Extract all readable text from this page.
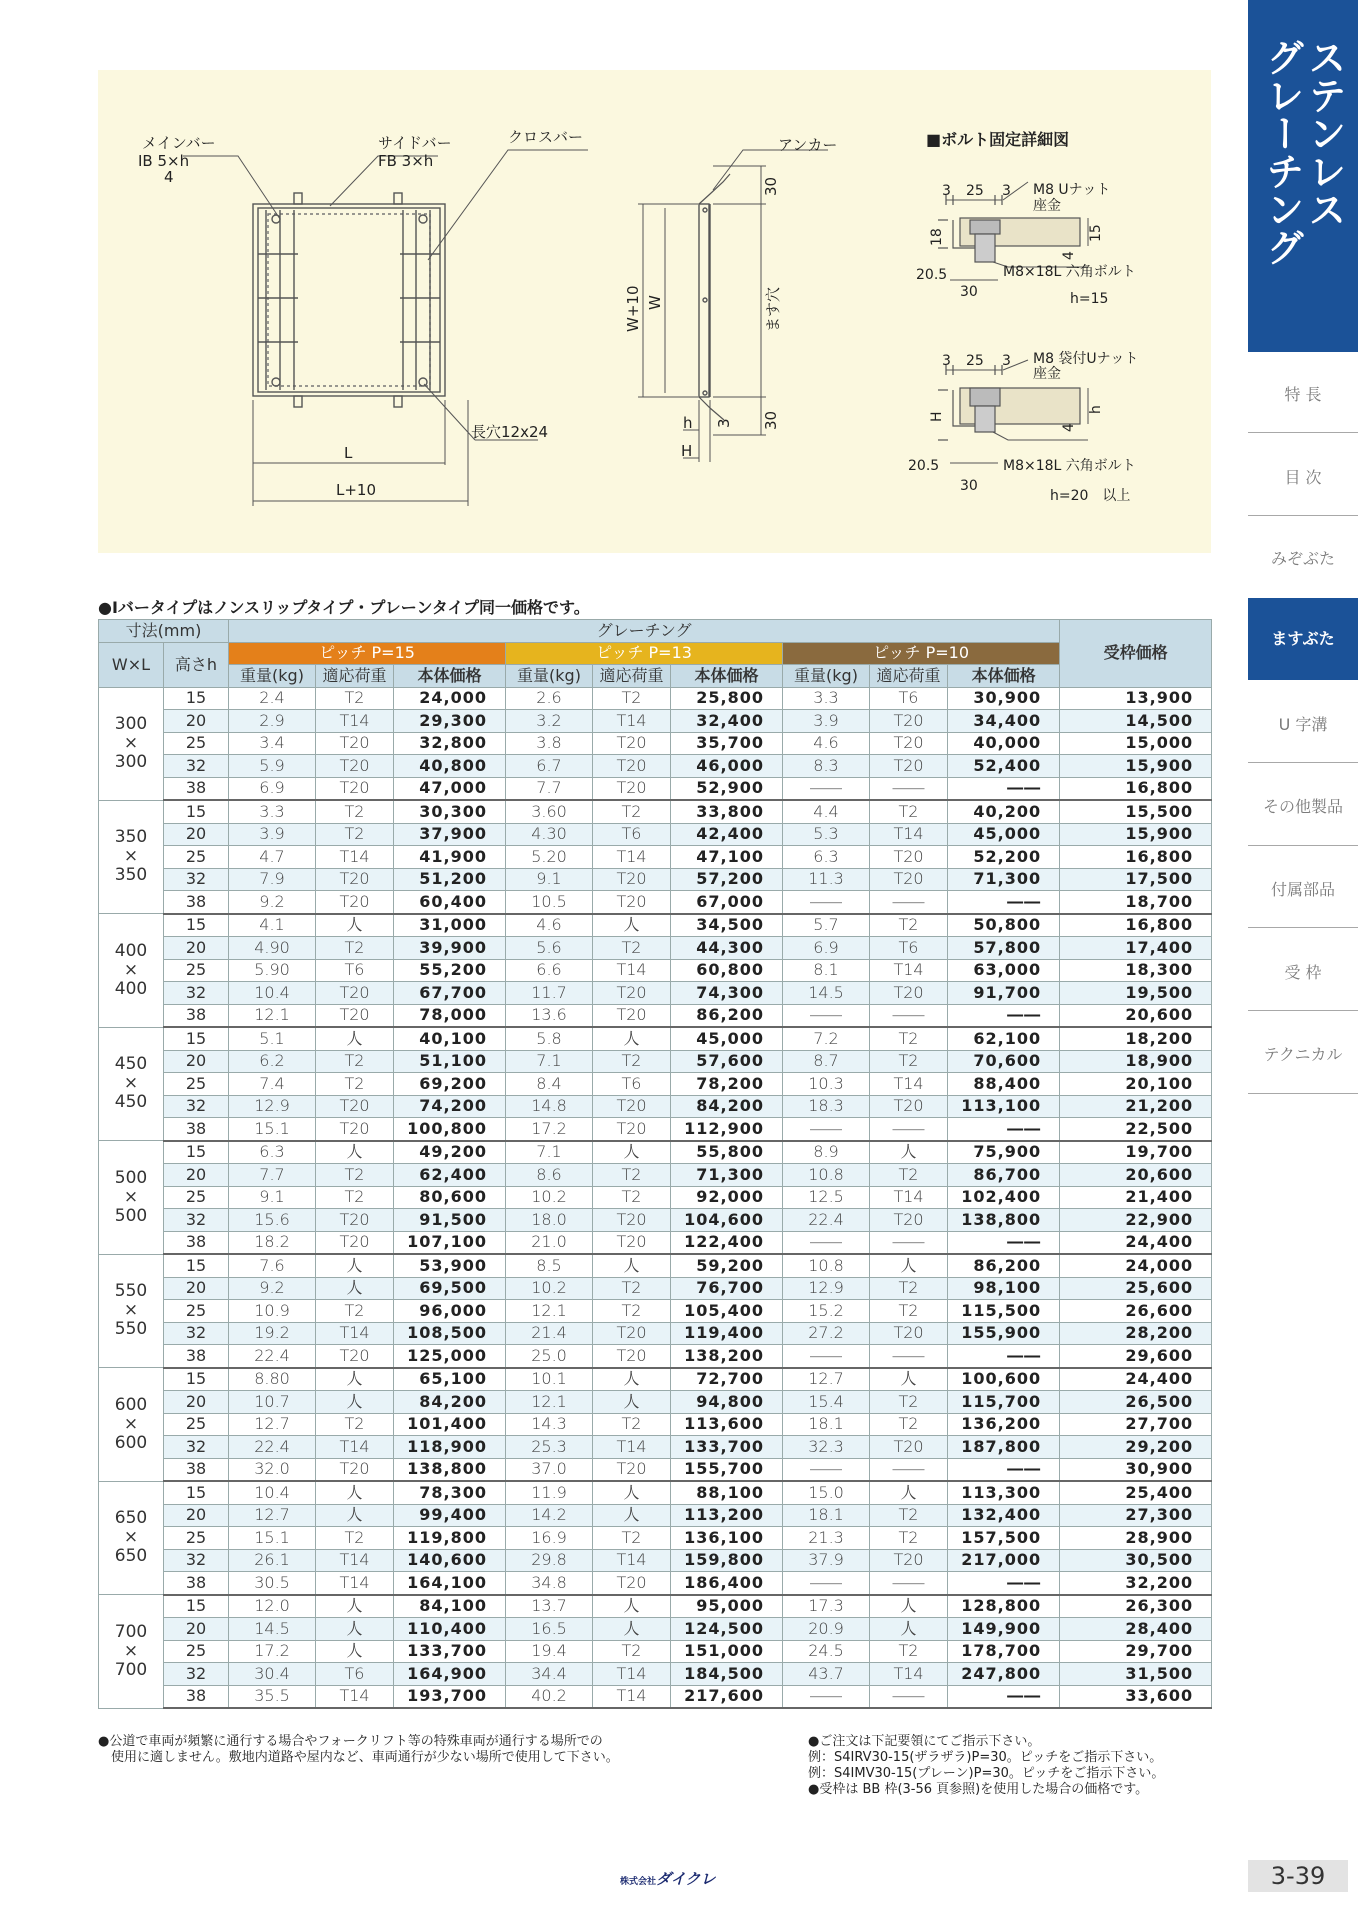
メインバー
IB 5×h
4
サイドバー
FB 3×h
クロスバー
長穴12x24
L
L+10
アンカー
30
30
ます穴
W+10 W
h 3
H
■ボルト固定詳細図
3 25 3 M8 Uナット
座金
18	15
4
20.5	M8×18L 六角ボルト
30	h=15
3 25 3 M8 袋付Uナット
座金
H
h
4
20.5	M8×18L 六角ボルト
30
h=20　以上
●Iバータイプはノンスリップタイプ・プレーンタイプ同一価格です。
寸法(mm)		グレーチング									受枠価格
W×L	高さh	ピッチ P=15			ピッチ P=13			ピッチ P=10			
		重量(kg)	適応荷重	本体価格	重量(kg)	適応荷重	本体価格	重量(kg)	適応荷重	本体価格	

300
×
300	15	2.4	T2	24,000	2.6	T2	25,800	3.3	T6	30,900	13,900
	20	2.9	T14	29,300	3.2	T14	32,400	3.9	T20	34,400	14,500
	25	3.4	T20	32,800	3.8	T20	35,700	4.6	T20	40,000	15,000
	32	5.9	T20	40,800	6.7	T20	46,000	8.3	T20	52,400	15,900
	38	6.9	T20	47,000	7.7	T20	52,900	――	――	――	16,800

350
×
350	15	3.3	T2	30,300	3.60	T2	33,800	4.4	T2	40,200	15,500
	20	3.9	T2	37,900	4.30	T6	42,400	5.3	T14	45,000	15,900
	25	4.7	T14	41,900	5.20	T14	47,100	6.3	T20	52,200	16,800
	32	7.9	T20	51,200	9.1	T20	57,200	11.3	T20	71,300	17,500
	38	9.2	T20	60,400	10.5	T20	67,000	――	――	――	18,700

400
×
400	15	4.1	人	31,000	4.6	人	34,500	5.7	T2	50,800	16,800
	20	4.90	T2	39,900	5.6	T2	44,300	6.9	T6	57,800	17,400
	25	5.90	T6	55,200	6.6	T14	60,800	8.1	T14	63,000	18,300
	32	10.4	T20	67,700	11.7	T20	74,300	14.5	T20	91,700	19,500
	38	12.1	T20	78,000	13.6	T20	86,200	――	――	――	20,600

450
×
450	15	5.1	人	40,100	5.8	人	45,000	7.2	T2	62,100	18,200
	20	6.2	T2	51,100	7.1	T2	57,600	8.7	T2	70,600	18,900
	25	7.4	T2	69,200	8.4	T6	78,200	10.3	T14	88,400	20,100
	32	12.9	T20	74,200	14.8	T20	84,200	18.3	T20	113,100	21,200
	38	15.1	T20	100,800	17.2	T20	112,900	――	――	――	22,500

500
×
500	15	6.3	人	49,200	7.1	人	55,800	8.9	人	75,900	19,700
	20	7.7	T2	62,400	8.6	T2	71,300	10.8	T2	86,700	20,600
	25	9.1	T2	80,600	10.2	T2	92,000	12.5	T14	102,400	21,400
	32	15.6	T20	91,500	18.0	T20	104,600	22.4	T20	138,800	22,900
	38	18.2	T20	107,100	21.0	T20	122,400	――	――	――	24,400

550
×
550	15	7.6	人	53,900	8.5	人	59,200	10.8	人	86,200	24,000
	20	9.2	人	69,500	10.2	T2	76,700	12.9	T2	98,100	25,600
	25	10.9	T2	96,000	12.1	T2	105,400	15.2	T2	115,500	26,600
	32	19.2	T14	108,500	21.4	T20	119,400	27.2	T20	155,900	28,200
	38	22.4	T20	125,000	25.0	T20	138,200	――	――	――	29,600

600
×
600	15	8.80	人	65,100	10.1	人	72,700	12.7	人	100,600	24,400
	20	10.7	人	84,200	12.1	人	94,800	15.4	T2	115,700	26,500
	25	12.7	T2	101,400	14.3	T2	113,600	18.1	T2	136,200	27,700
	32	22.4	T14	118,900	25.3	T14	133,700	32.3	T20	187,800	29,200
	38	32.0	T20	138,800	37.0	T20	155,700	――	――	――	30,900

650
×
650	15	10.4	人	78,300	11.9	人	88,100	15.0	人	113,300	25,400
	20	12.7	人	99,400	14.2	人	113,200	18.1	T2	132,400	27,300
	25	15.1	T2	119,800	16.9	T2	136,100	21.3	T2	157,500	28,900
	32	26.1	T14	140,600	29.8	T14	159,800	37.9	T20	217,000	30,500
	38	30.5	T14	164,100	34.8	T20	186,400	――	――	――	32,200

700
×
700	15	12.0	人	84,100	13.7	人	95,000	17.3	人	128,800	26,300
	20	14.5	人	110,400	16.5	人	124,500	20.9	人	149,900	28,400
	25	17.2	人	133,700	19.4	T2	151,000	24.5	T2	178,700	29,700
	32	30.4	T6	164,900	34.4	T14	184,500	43.7	T14	247,800	31,500
	38	35.5	T14	193,700	40.2	T14	217,600	――	――	――	33,600
●公道で車両が頻繁に通行する場合やフォークリフト等の特殊車両が通行する場所での
　使用に適しません。敷地内道路や屋内など、車両通行が少ない場所で使用して下さい。
●ご注文は下記要領にてご指示下さい。
例：S4IRV30-15(ザラザラ)P=30。ピッチをご指示下さい。
例：S4IMV30-15(プレーン)P=30。ピッチをご指示下さい。
●受枠は BB 枠(3-56 頁参照)を使用した場合の価格です。
ステンレス
グレーチング
特 長
目 次
みぞぶた
ますぶた
U 字溝
その他製品
付属部品
受 枠
テクニカル
株式会社ダイクレ	3-39
